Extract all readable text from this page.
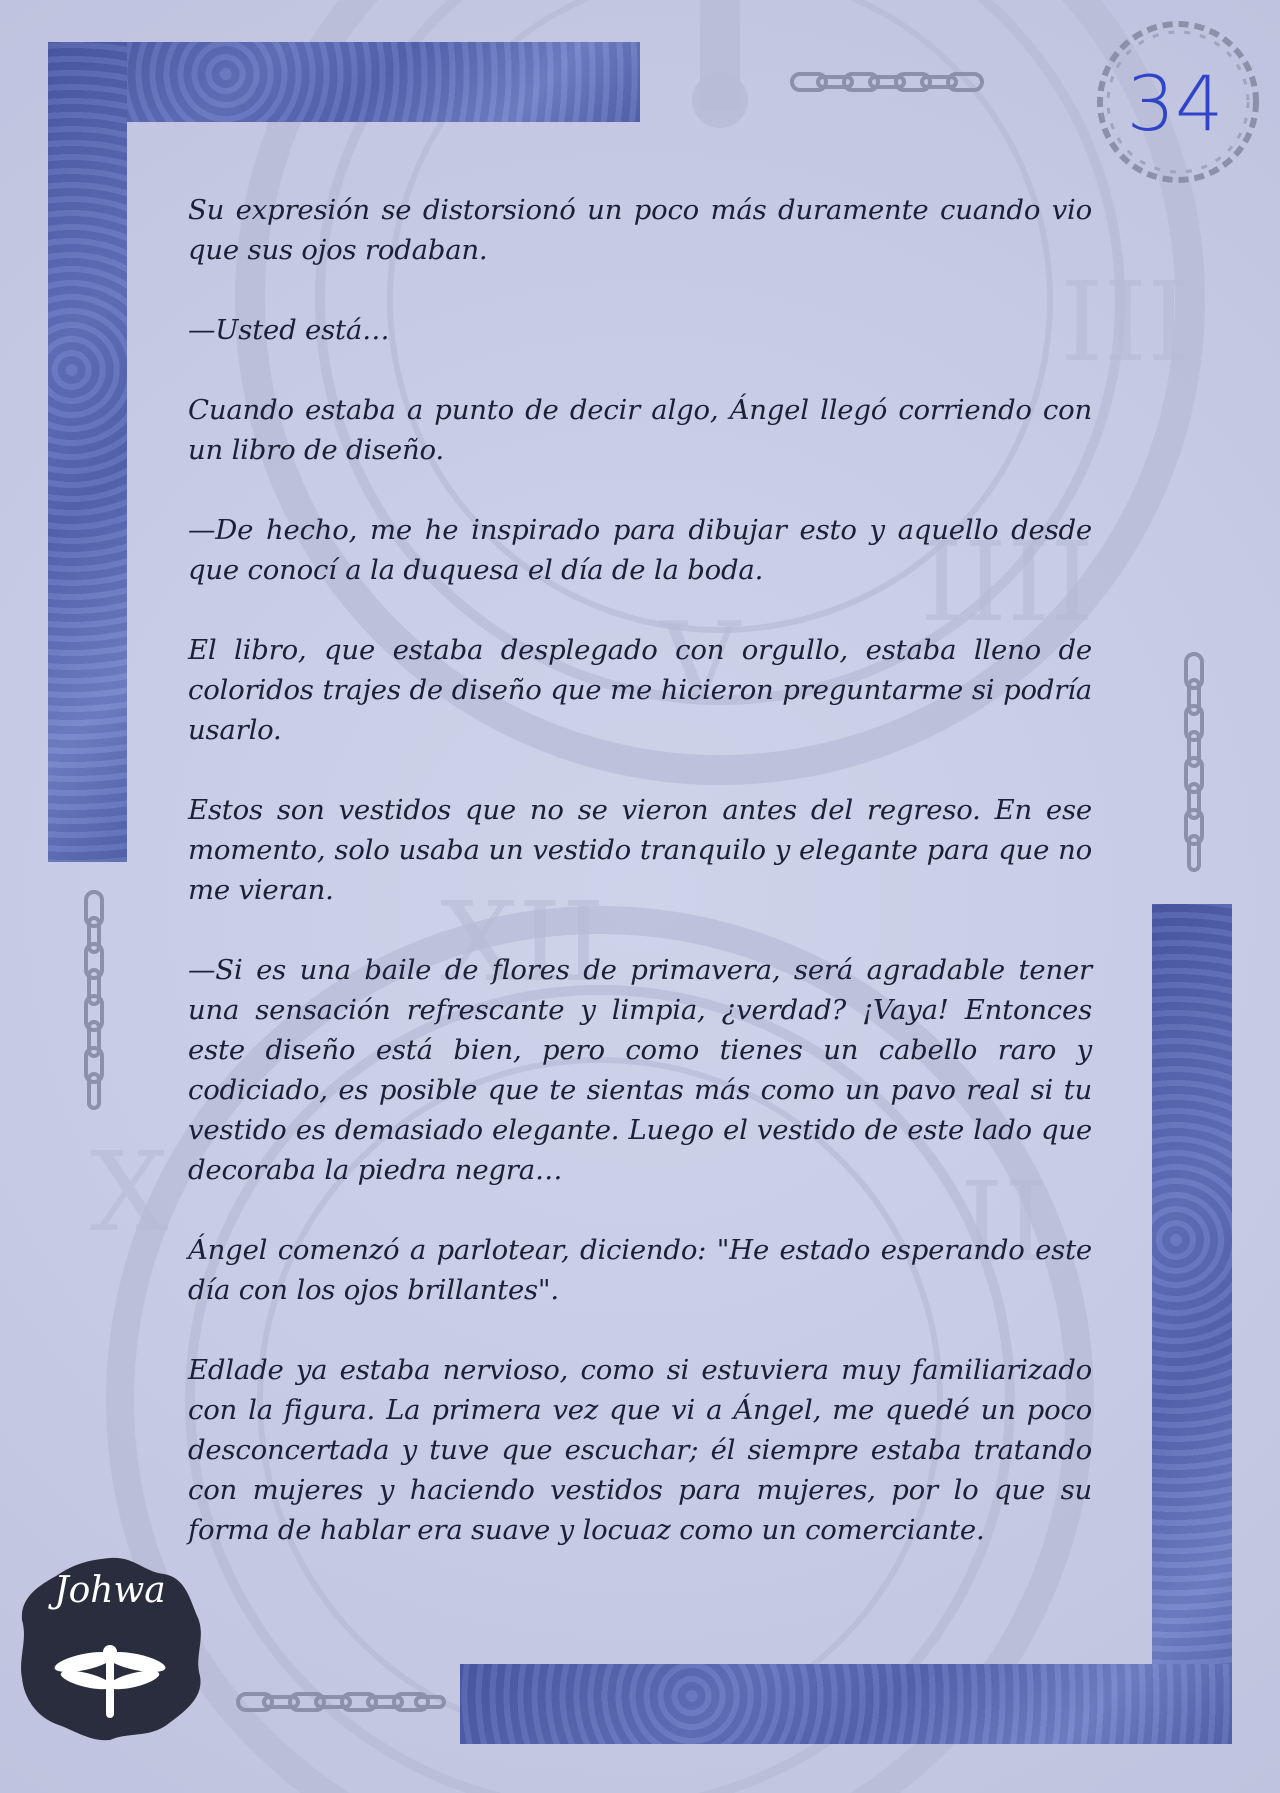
III
IIII
V
XII
X	II
34

Su expresión se distorsionó un poco más duramente cuando vio que sus ojos rodaban.

—Usted está…

Cuando estaba a punto de decir algo, Ángel llegó corriendo con un libro de diseño.

—De hecho, me he inspirado para dibujar esto y aquello desde que conocí a la duquesa el día de la boda.

El libro, que estaba desplegado con orgullo, estaba lleno de coloridos trajes de diseño que me hicieron preguntarme si podría usarlo.

Estos son vestidos que no se vieron antes del regreso. En ese momento, solo usaba un vestido tranquilo y elegante para que no me vieran.

—Si es una baile de flores de primavera, será agradable tener una sensación refrescante y limpia, ¿verdad? ¡Vaya! Entonces este diseño está bien, pero como tienes un cabello raro y codiciado, es posible que te sientas más como un pavo real si tu vestido es demasiado elegante. Luego el vestido de este lado que decoraba la piedra negra…

Ángel comenzó a parlotear, diciendo: "He estado esperando este día con los ojos brillantes".

Edlade ya estaba nervioso, como si estuviera muy familiarizado con la figura. La primera vez que vi a Ángel, me quedé un poco desconcertada y tuve que escuchar; él siempre estaba tratando con mujeres y haciendo vestidos para mujeres, por lo que su forma de hablar era suave y locuaz como un comerciante.

Johwa
